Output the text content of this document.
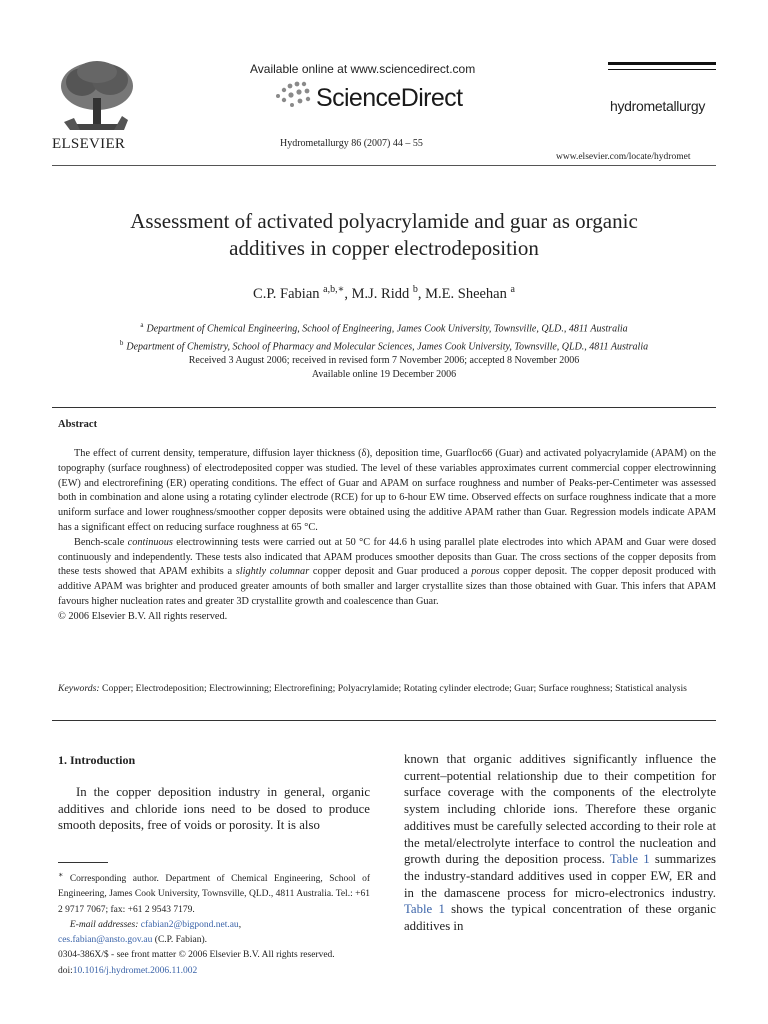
ELSEVIER
Available online at www.sciencedirect.com
ScienceDirect
Hydrometallurgy 86 (2007) 44 – 55
hydrometallurgy
www.elsevier.com/locate/hydromet
Assessment of activated polyacrylamide and guar as organic
additives in copper electrodeposition
C.P. Fabian $^{a,b,∗}$, M.J. Ridd $^b$, M.E. Sheehan $^a$
$^a$ Department of Chemical Engineering, School of Engineering, James Cook University, Townsville, QLD., 4811 Australia
$^b$ Department of Chemistry, School of Pharmacy and Molecular Sciences, James Cook University, Townsville, QLD., 4811 Australia
Received 3 August 2006; received in revised form 7 November 2006; accepted 8 November 2006
Available online 19 December 2006
Abstract

The effect of current density, temperature, diffusion layer thickness (δ), deposition time, Guarfloc66 (Guar) and activated polyacrylamide (APAM) on the topography (surface roughness) of electrodeposited copper was studied. The level of these variables approximates current commercial copper electrowinning (EW) and electrorefining (ER) operating conditions. The effect of Guar and APAM on surface roughness and number of Peaks-per-Centimeter was assessed both in combination and alone using a rotating cylinder electrode (RCE) for up to 6-hour EW time. Observed effects on surface roughness indicate that a more uniform surface and lower roughness/smoother copper deposits were obtained using the additive APAM rather than Guar. Regression models indicate APAM has a significant effect on reducing surface roughness at 65 °C.

Bench-scale continuous electrowinning tests were carried out at 50 °C for 44.6 h using parallel plate electrodes into which APAM and Guar were dosed continuously and independently. These tests also indicated that APAM produces smoother deposits than Guar. The cross sections of the copper deposits from these tests showed that APAM exhibits a slightly columnar copper deposit and Guar produced a porous copper deposit. The copper deposit produced with additive APAM was brighter and produced greater amounts of both smaller and larger crystallite sizes than those obtained with Guar. This infers that APAM favours higher nucleation rates and greater 3D crystallite growth and coalescence than Guar.

© 2006 Elsevier B.V. All rights reserved.

Keywords: Copper; Electrodeposition; Electrowinning; Electrorefining; Polyacrylamide; Rotating cylinder electrode; Guar; Surface roughness; Statistical analysis
1. Introduction

In the copper deposition industry in general, organic additives and chloride ions need to be dosed to produce smooth deposits, free of voids or porosity. It is also

known that organic additives significantly influence the current–potential relationship due to their competition for surface coverage with the components of the electrolyte system including chloride ions. Therefore these organic additives must be carefully selected according to their role at the metal/electrolyte interface to control the nucleation and growth during the deposition process. Table 1 summarizes the industry-standard additives used in copper EW, ER and in the damascene process for micro-electronics industry. Table 1 shows the typical concentration of these organic additives in

∗ Corresponding author. Department of Chemical Engineering, School of Engineering, James Cook University, Townsville, QLD., 4811 Australia. Tel.: +61 2 9717 7067; fax: +61 2 9543 7179.
E-mail addresses: cfabian2@bigpond.net.au,
ces.fabian@ansto.gov.au (C.P. Fabian).
0304-386X/$ - see front matter © 2006 Elsevier B.V. All rights reserved.
doi:10.1016/j.hydromet.2006.11.002
